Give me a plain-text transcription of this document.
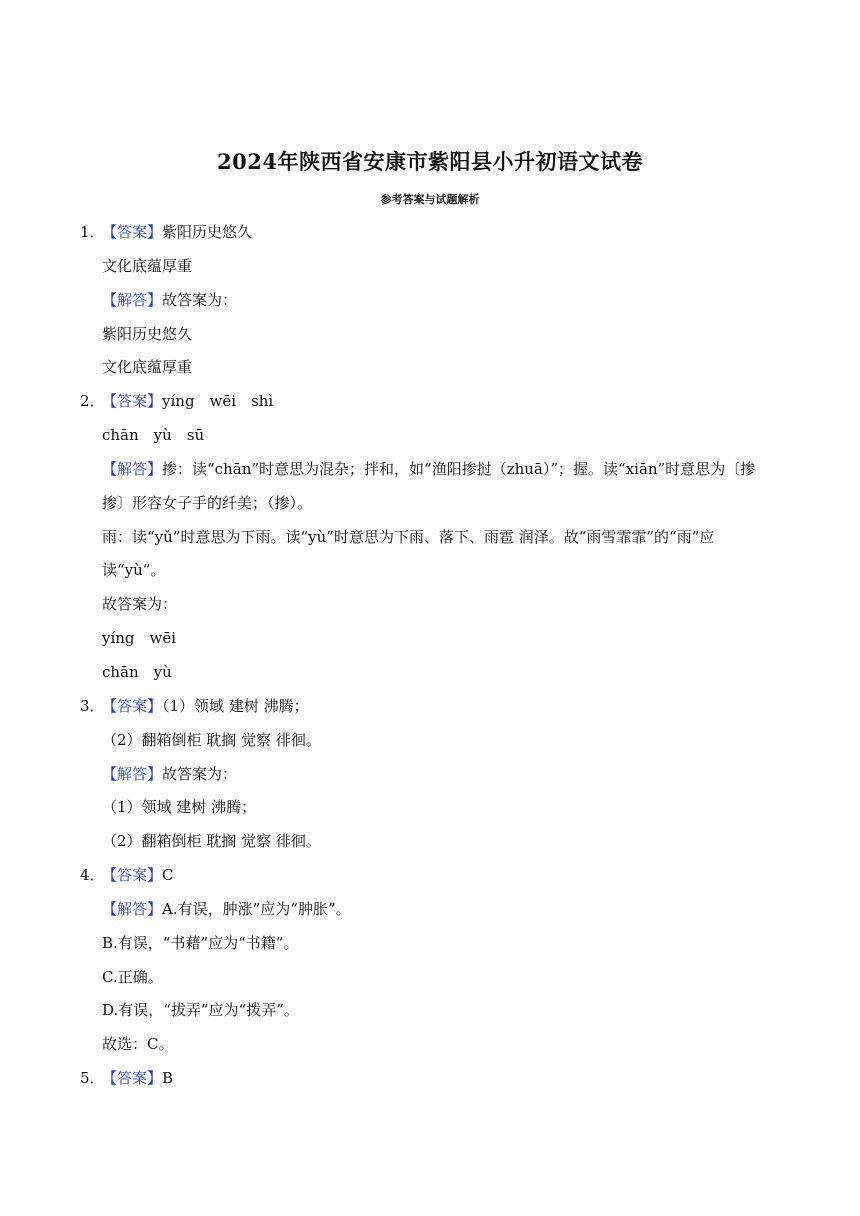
2024年陕西省安康市紫阳县小升初语文试卷
参考答案与试题解析
1．【答案】紫阳历史悠久
文化底蕴厚重
【解答】故答案为：
紫阳历史悠久
文化底蕴厚重
2．【答案】yíng　wēi　shì
chān　yù　sū
【解答】掺：读“chān”时意思为混杂；拌和，如“渔阳掺挝（zhuā）”；握。读“xiān”时意思为〔掺
掺〕形容女子手的纤美；（掺）。
雨：读“yǔ”时意思为下雨。读“yù”时意思为下雨、落下、雨雹 润泽。故“雨雪霏霏”的“雨”应
读“yù”。
故答案为：
yíng　wēi
chān　yù
3．【答案】（1）领域 建树 沸腾；
（2）翻箱倒柜 耽搁 觉察 徘徊。
【解答】故答案为：
（1）领域 建树 沸腾；
（2）翻箱倒柜 耽搁 觉察 徘徊。
4．【答案】C
【解答】A.有误，肿涨”应为“肿胀”。
B.有误，“书藉”应为“书籍”。
C.正确。
D.有误，“拔弄”应为“拨弄”。
故选：C。
5．【答案】B
